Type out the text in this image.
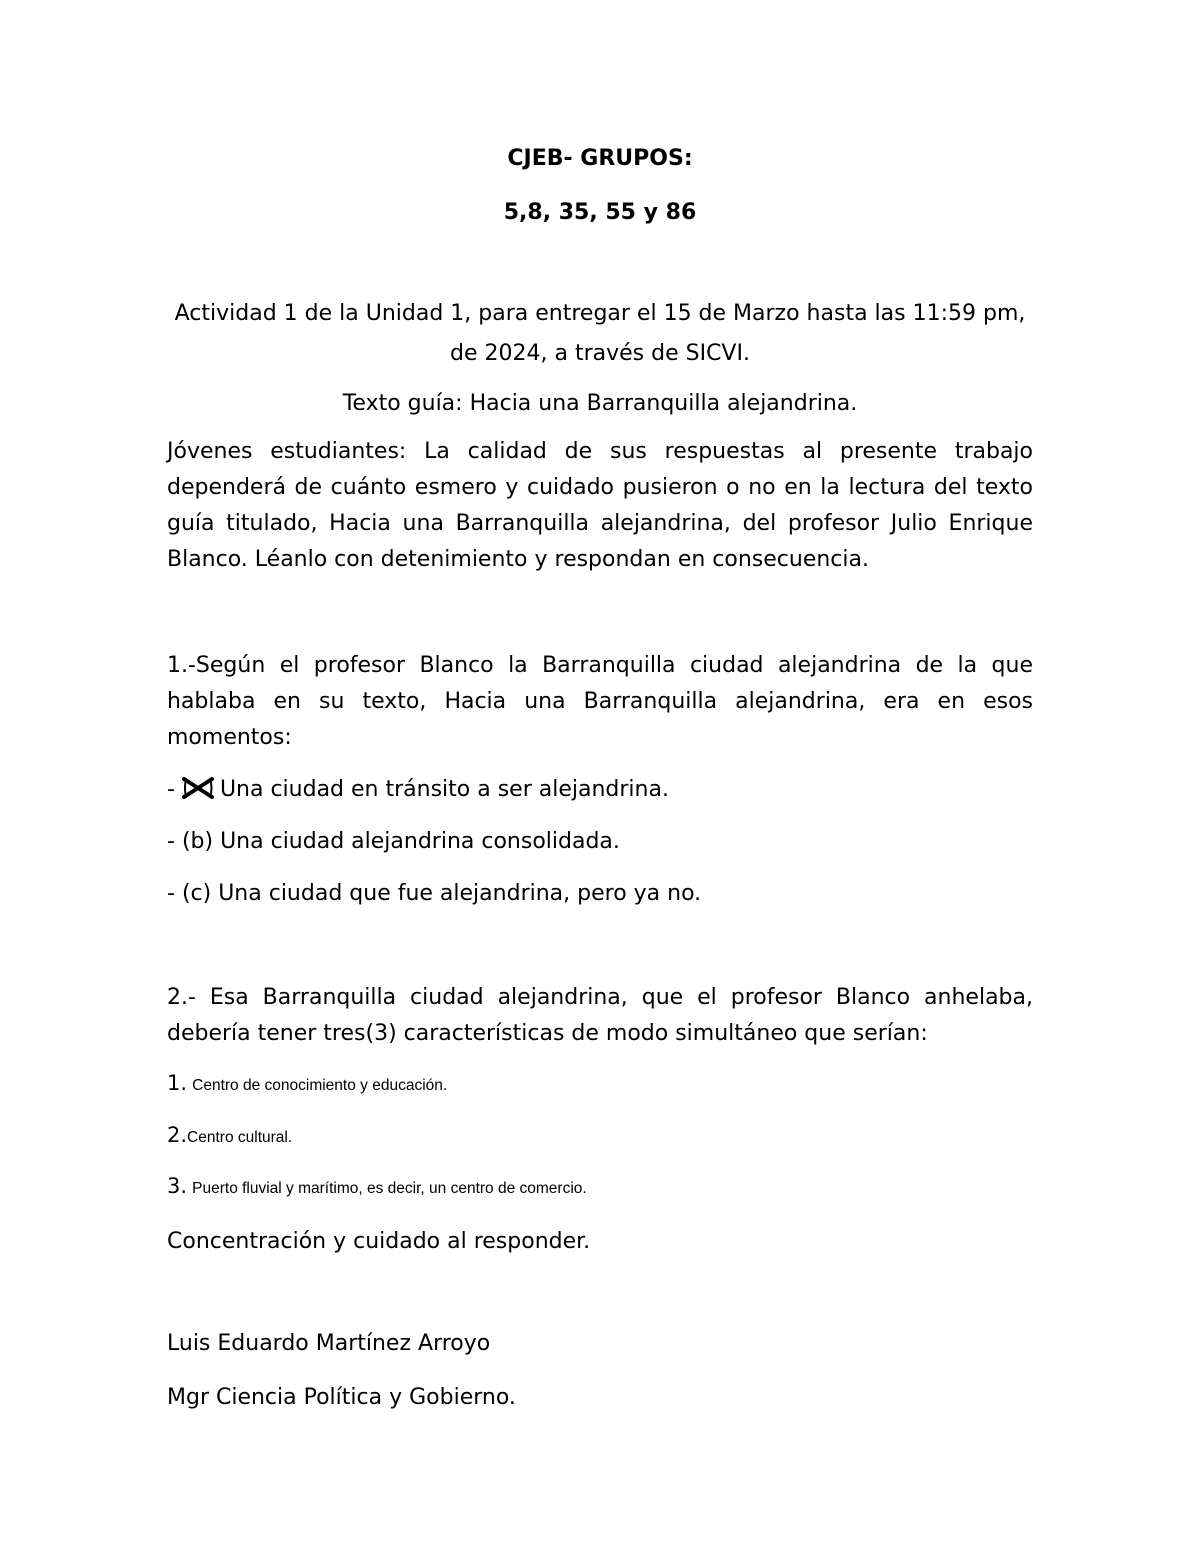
CJEB- GRUPOS:
5,8, 35, 55 y 86
Actividad 1 de la Unidad 1, para entregar el 15 de Marzo hasta las 11:59 pm,
de 2024, a través de SICVI.
Texto guía: Hacia una Barranquilla alejandrina.
Jóvenes estudiantes: La calidad de sus respuestas al presente trabajo dependerá de cuánto esmero y cuidado pusieron o no en la lectura del texto guía titulado, Hacia una Barranquilla alejandrina, del profesor Julio Enrique Blanco. Léanlo con detenimiento y respondan en consecuencia.
1.-Según el profesor Blanco la Barranquilla ciudad alejandrina de la que hablaba en su texto, Hacia una Barranquilla alejandrina, era en esos momentos:
- Una ciudad en tránsito a ser alejandrina.
- (b) Una ciudad alejandrina consolidada.
- (c) Una ciudad que fue alejandrina, pero ya no.
2.- Esa Barranquilla ciudad alejandrina, que el profesor Blanco anhelaba, debería tener tres(3) características de modo simultáneo que serían:
1. Centro de conocimiento y educación.
2.Centro cultural.
3. Puerto fluvial y marítimo, es decir, un centro de comercio.
Concentración y cuidado al responder.
Luis Eduardo Martínez Arroyo
Mgr Ciencia Política y Gobierno.
